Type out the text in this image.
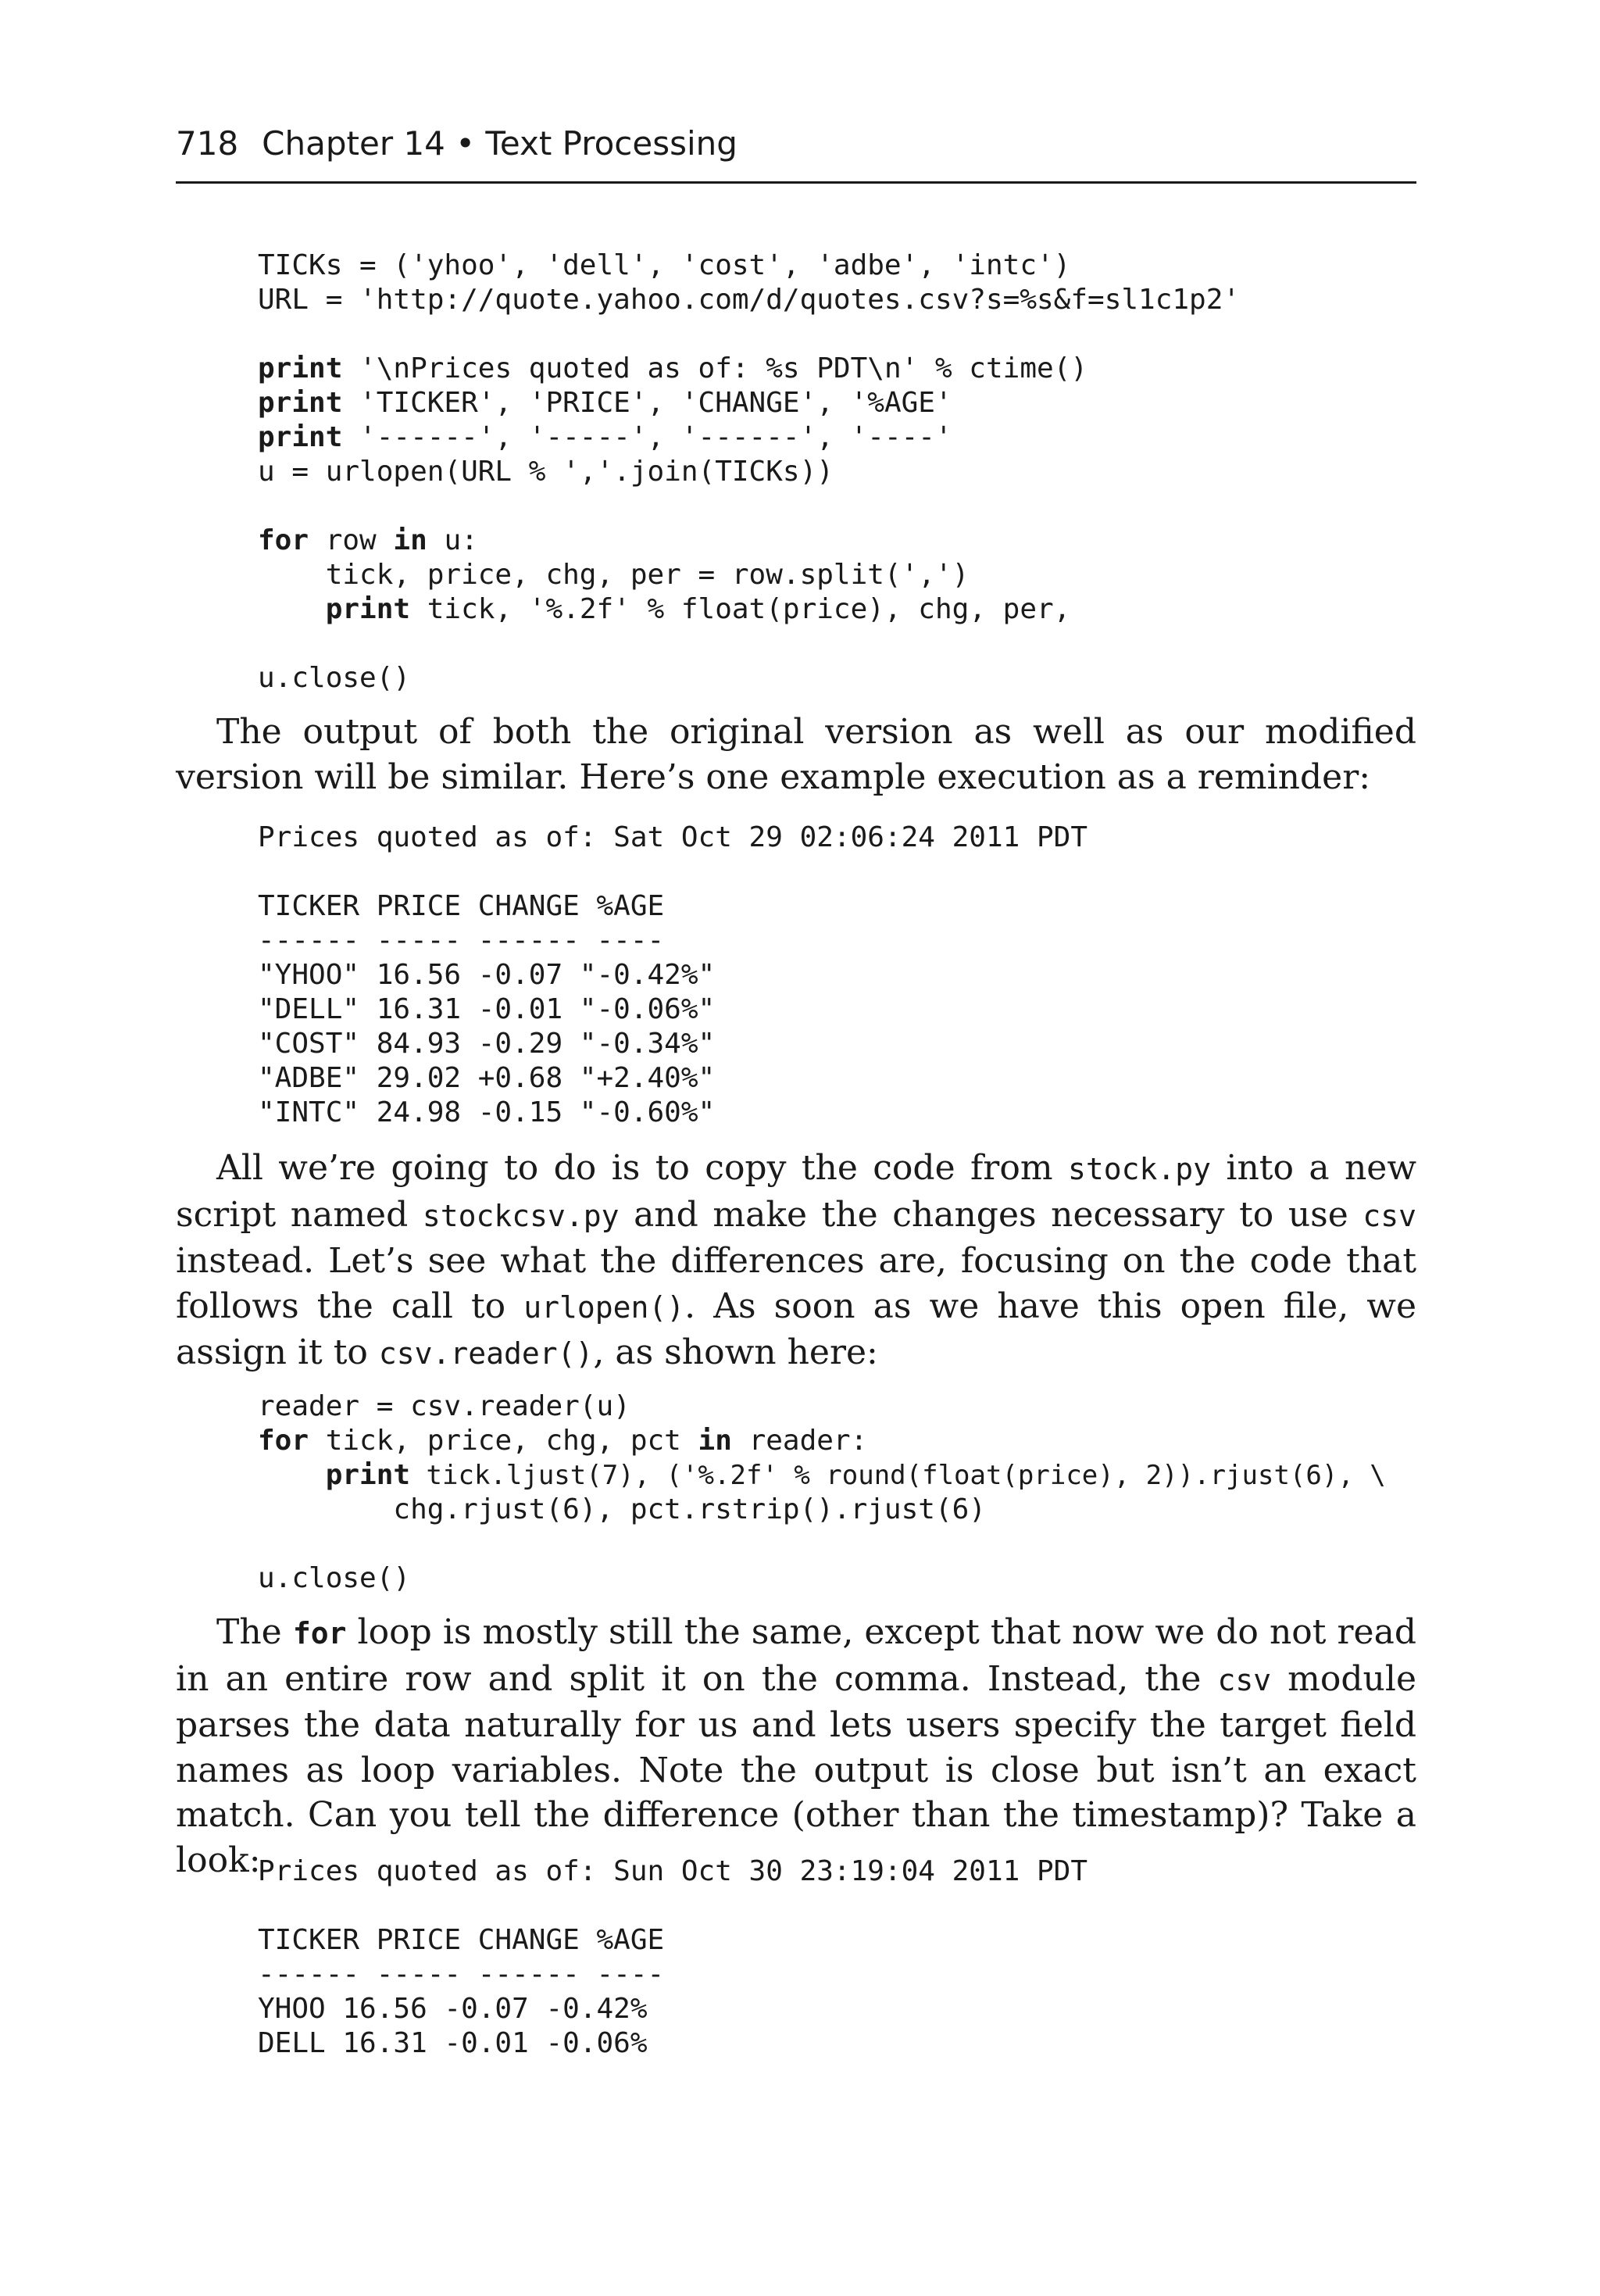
718 Chapter 14 • Text Processing
TICKs = ('yhoo', 'dell', 'cost', 'adbe', 'intc')
URL = 'http://quote.yahoo.com/d/quotes.csv?s=%s&f=sl1c1p2'

print '\nPrices quoted as of: %s PDT\n' % ctime()
print 'TICKER', 'PRICE', 'CHANGE', '%AGE'
print '------', '-----', '------', '----'
u = urlopen(URL % ','.join(TICKs))

for row in u:
tick, price, chg, per = row.split(',')
print tick, '%.2f' % float(price), chg, per,

u.close()
The output of both the original version as well as our modified version will be similar. Here’s one example execution as a reminder:
Prices quoted as of: Sat Oct 29 02:06:24 2011 PDT

TICKER PRICE CHANGE %AGE
------ ----- ------ ----
"YHOO" 16.56 -0.07 "-0.42%"
"DELL" 16.31 -0.01 "-0.06%"
"COST" 84.93 -0.29 "-0.34%"
"ADBE" 29.02 +0.68 "+2.40%"
"INTC" 24.98 -0.15 "-0.60%"
All we’re going to do is to copy the code from stock.py into a new script named stockcsv.py and make the changes necessary to use csv instead. Let’s see what the differences are, focusing on the code that follows the call to urlopen(). As soon as we have this open file, we assign it to csv.reader(), as shown here:
reader = csv.reader(u)
for tick, price, chg, pct in reader:
print tick.ljust(7), ('%.2f' % round(float(price), 2)).rjust(6), \
chg.rjust(6), pct.rstrip().rjust(6)

u.close()
The for loop is mostly still the same, except that now we do not read in an entire row and split it on the comma. Instead, the csv module parses the data naturally for us and lets users specify the target field names as loop variables. Note the output is close but isn’t an exact match. Can you tell the difference (other than the timestamp)? Take a look:
Prices quoted as of: Sun Oct 30 23:19:04 2011 PDT

TICKER PRICE CHANGE %AGE
------ ----- ------ ----
YHOO 16.56 -0.07 -0.42%
DELL 16.31 -0.01 -0.06%
